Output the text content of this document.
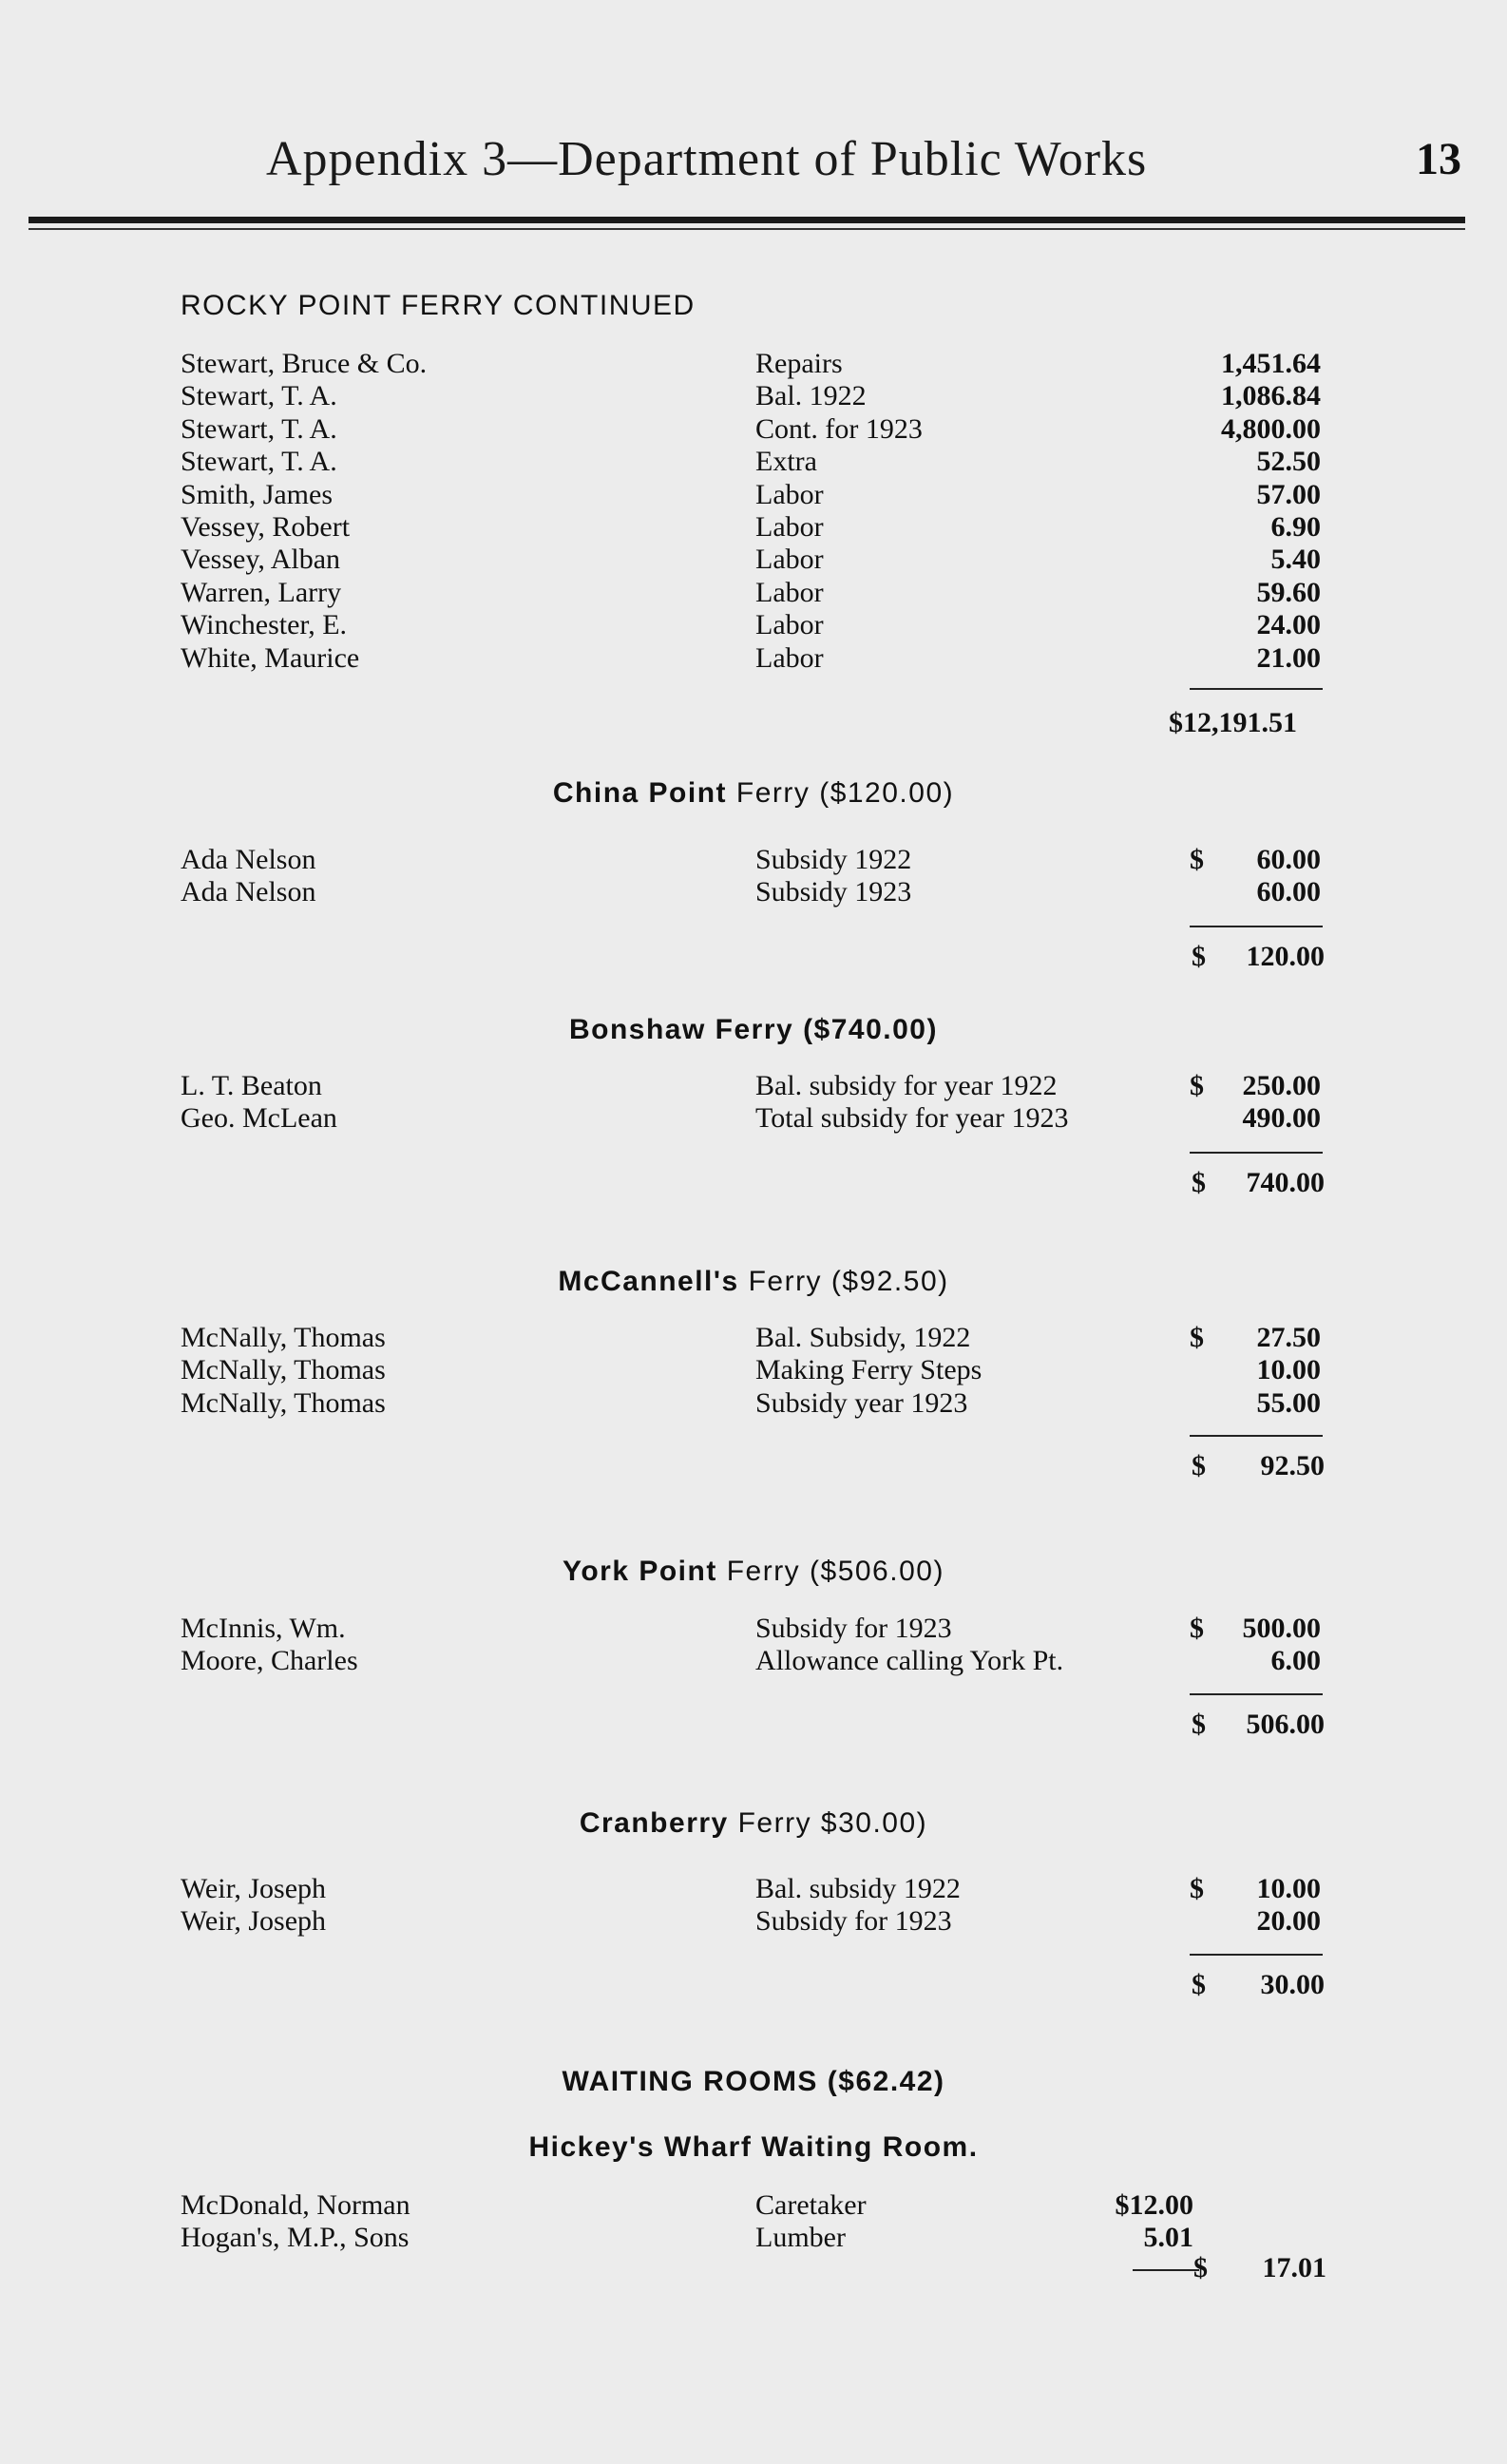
Appendix 3—Department of Public Works	13
ROCKY POINT FERRY CONTINUED
Stewart, Bruce & Co.	Repairs	1,451.64
Stewart, T. A.	Bal. 1922	1,086.84
Stewart, T. A.	Cont. for 1923	4,800.00
Stewart, T. A.	Extra	52.50
Smith, James	Labor	57.00
Vessey, Robert	Labor	6.90
Vessey, Alban	Labor	5.40
Warren, Larry	Labor	59.60
Winchester, E.	Labor	24.00
White, Maurice	Labor	21.00
$12,191.51
China Point Ferry ($120.00)
Ada Nelson	Subsidy 1922	$ 60.00
Ada Nelson	Subsidy 1923	60.00
$ 120.00
Bonshaw Ferry ($740.00)
L. T. Beaton	Bal. subsidy for year 1922	$ 250.00
Geo. McLean	Total subsidy for year 1923	490.00
$ 740.00
McCannell's Ferry ($92.50)
McNally, Thomas	Bal. Subsidy, 1922	$ 27.50
McNally, Thomas	Making Ferry Steps	10.00
McNally, Thomas	Subsidy year 1923	55.00
$ 92.50
York Point Ferry ($506.00)
McInnis, Wm.	Subsidy for 1923	$ 500.00
Moore, Charles	Allowance calling York Pt.	6.00
$ 506.00
Cranberry Ferry $30.00)
Weir, Joseph	Bal. subsidy 1922	$ 10.00
Weir, Joseph	Subsidy for 1923	20.00
$ 30.00
WAITING ROOMS ($62.42)
Hickey's Wharf Waiting Room.
McDonald, Norman	Caretaker	$12.00
Hogan's, M.P., Sons	Lumber	5.01
$ 17.01
